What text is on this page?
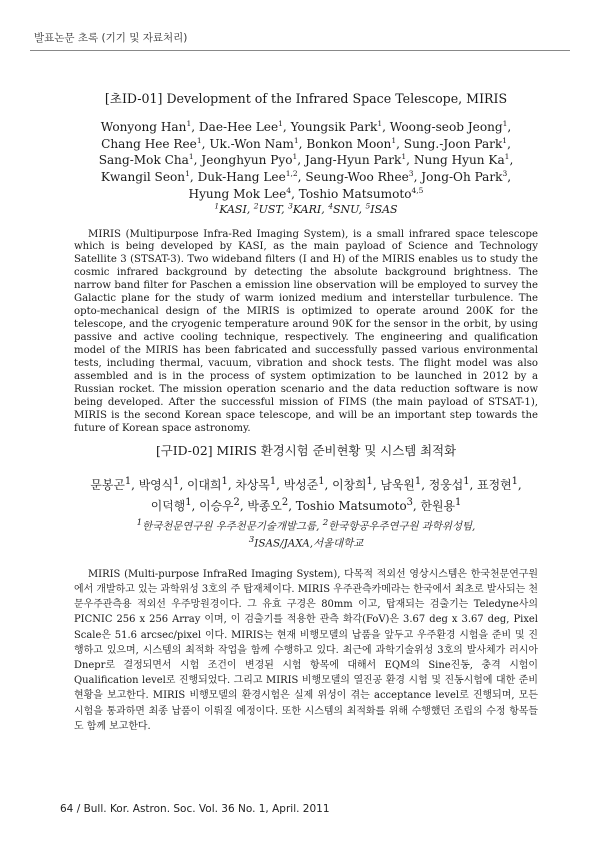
발표논문 초록 (기기 및 자료처리)

[초ID-01] Development of the Infrared Space Telescope, MIRIS

Wonyong Han$^1$, Dae-Hee Lee$^1$, Youngsik Park$^1$, Woong-seob Jeong$^1$,
Chang Hee Ree$^1$, Uk.-Won Nam$^1$, Bonkon Moon$^1$, Sung.-Joon Park$^1$,
Sang-Mok Cha$^1$, Jeonghyun Pyo$^1$, Jang-Hyun Park$^1$, Nung Hyun Ka$^1$,
Kwangil Seon$^1$, Duk-Hang Lee$^{1,2}$, Seung-Woo Rhee$^3$, Jong-Oh Park$^3$,
Hyung Mok Lee$^4$, Toshio Matsumoto$^{4,5}$

$^1$KASI, $^2$UST, $^3$KARI, $^4$SNU, $^5$ISAS

MIRIS (Multipurpose Infra-Red Imaging System), is a small infrared space telescope which is being developed by KASI, as the main payload of Science and Technology Satellite 3 (STSAT-3). Two wideband filters (I and H) of the MIRIS enables us to study the cosmic infrared background by detecting the absolute background brightness. The narrow band filter for Paschen a emission line observation will be employed to survey the Galactic plane for the study of warm ionized medium and interstellar turbulence. The opto-mechanical design of the MIRIS is optimized to operate around 200K for the telescope, and the cryogenic temperature around 90K for the sensor in the orbit, by using passive and active cooling technique, respectively. The engineering and qualification model of the MIRIS has been fabricated and successfully passed various environmental tests, including thermal, vacuum, vibration and shock tests. The flight model was also assembled and is in the process of system optimization to be launched in 2012 by a Russian rocket. The mission operation scenario and the data reduction software is now being developed. After the successful mission of FIMS (the main payload of STSAT-1), MIRIS is the second Korean space telescope, and will be an important step towards the future of Korean space astronomy.

[구ID-02] MIRIS 환경시험 준비현황 및 시스템 최적화

문봉곤$^1$, 박영식$^1$, 이대희$^1$, 차상목$^1$, 박성준$^1$, 이창희$^1$, 남욱원$^1$, 정웅섭$^1$, 표정현$^1$,
이덕행$^1$, 이승우$^2$, 박종오$^2$, Toshio Matsumoto$^3$, 한원용$^1$

$^1$한국천문연구원 우주천문기술개발그룹, $^2$한국항공우주연구원 과학위성팀,
$^3$ISAS/JAXA,서울대학교

MIRIS (Multi-purpose InfraRed Imaging System), 다목적 적외선 영상시스템은 한국천문연구원에서 개발하고 있는 과학위성 3호의 주 탑재체이다. MIRIS 우주관측카메라는 한국에서 최초로 발사되는 천문우주관측용 적외선 우주망원경이다. 그 유효 구경은 80mm 이고, 탑재되는 검출기는 Teledyne사의 PICNIC 256 x 256 Array 이며, 이 검출기를 적용한 관측 화각(FoV)은 3.67 deg x 3.67 deg, Pixel Scale은 51.6 arcsec/pixel 이다. MIRIS는 현재 비행모델의 납품을 앞두고 우주환경 시험을 준비 및 진행하고 있으며, 시스템의 최적화 작업을 함께 수행하고 있다. 최근에 과학기술위성 3호의 발사체가 러시아 Dnepr로 결정되면서 시험 조건이 변경된 시험 항목에 대해서 EQM의 Sine진동, 충격 시험이 Qualification level로 진행되었다. 그리고 MIRIS 비행모델의 열진공 환경 시험 및 진동시험에 대한 준비 현황을 보고한다. MIRIS 비행모델의 환경시험은 실제 위성이 겪는 acceptance level로 진행되며, 모든 시험을 통과하면 최종 납품이 이뤄질 예정이다. 또한 시스템의 최적화를 위해 수행했던 조립의 수정 항목들도 함께 보고한다.

64 / Bull. Kor. Astron. Soc. Vol. 36 No. 1, April. 2011
